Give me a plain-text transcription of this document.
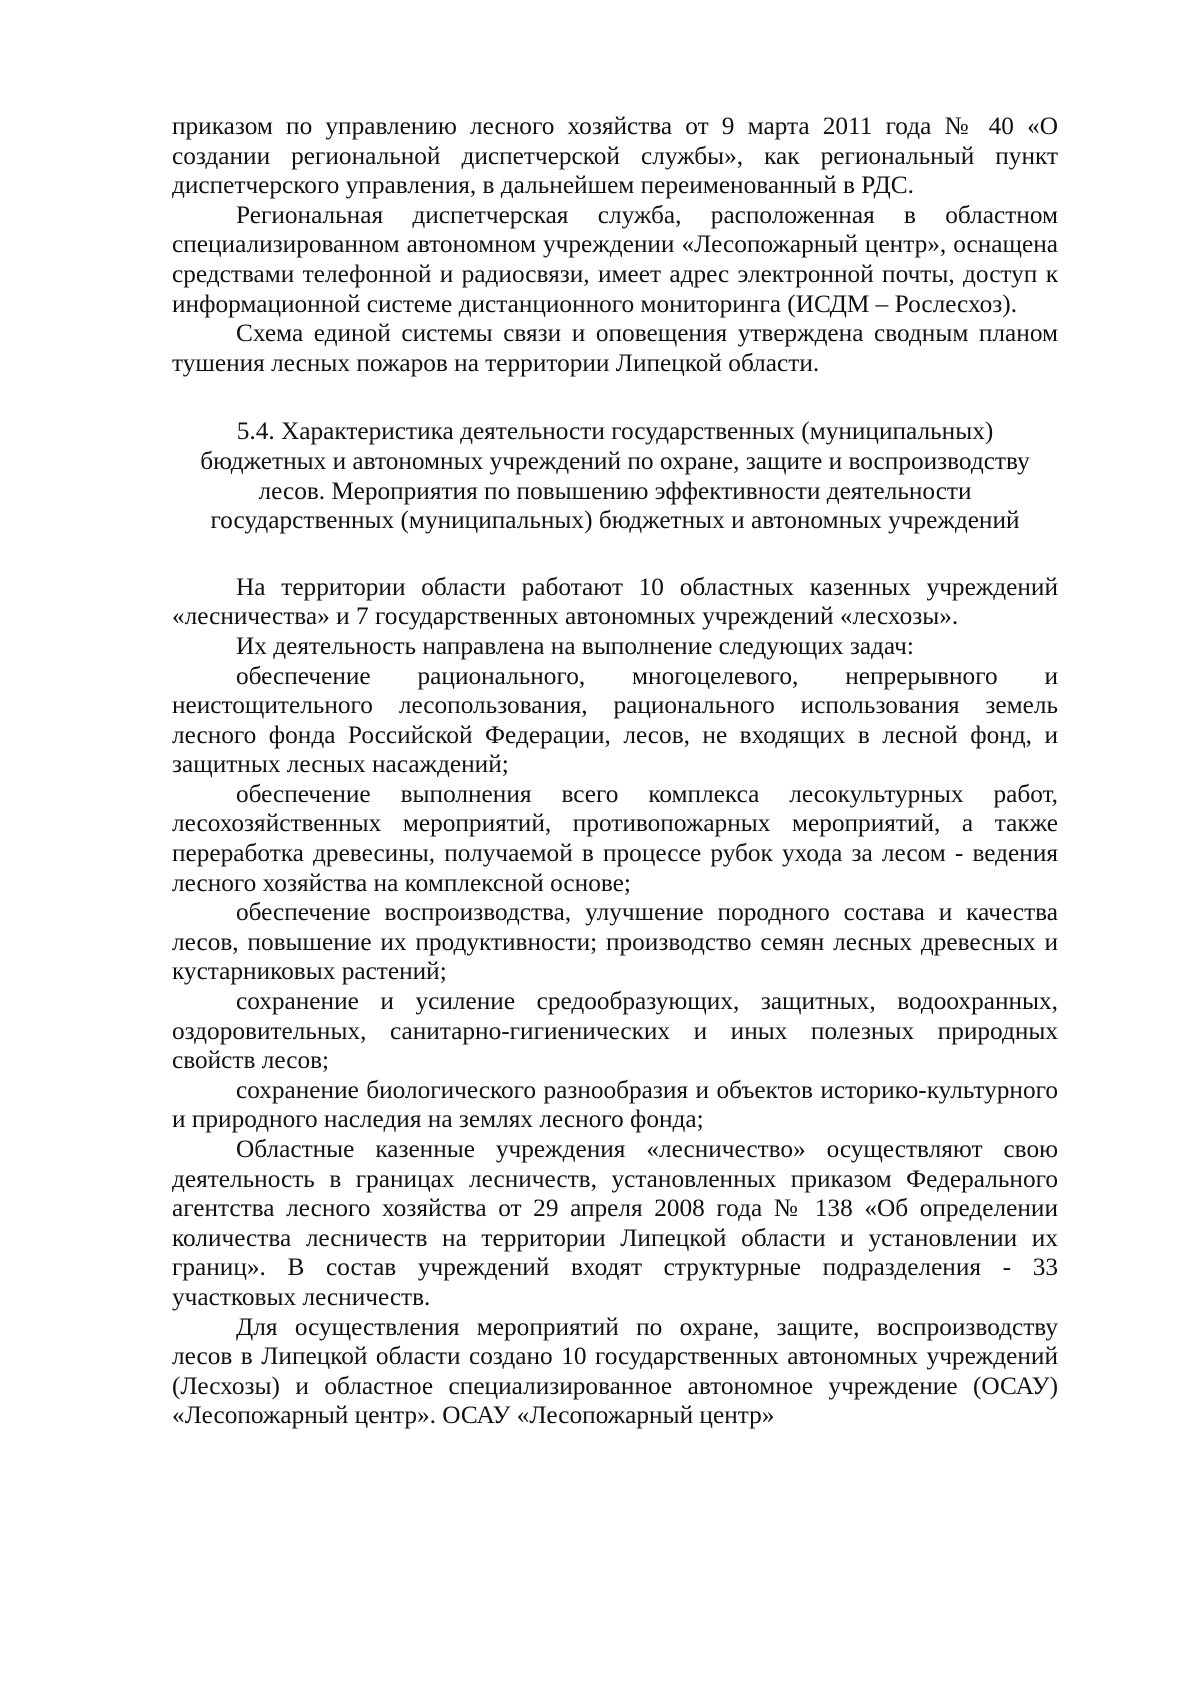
приказом по управлению лесного хозяйства от 9 марта 2011 года № 40 «О создании региональной диспетчерской службы», как региональный пункт диспетчерского управления, в дальнейшем переименованный в РДС.

Региональная диспетчерская служба, расположенная в областном специализированном автономном учреждении «Лесопожарный центр», оснащена средствами телефонной и радиосвязи, имеет адрес электронной почты, доступ к информационной системе дистанционного мониторинга (ИСДМ – Рослесхоз).

Схема единой системы связи и оповещения утверждена сводным планом тушения лесных пожаров на территории Липецкой области.

5.4. Характеристика деятельности государственных (муниципальных)
бюджетных и автономных учреждений по охране, защите и воспроизводству
лесов. Мероприятия по повышению эффективности деятельности
государственных (муниципальных) бюджетных и автономных учреждений

На территории области работают 10 областных казенных учреждений «лесничества» и 7 государственных автономных учреждений «лесхозы».

Их деятельность направлена на выполнение следующих задач:

обеспечение рационального, многоцелевого, непрерывного и неистощительного лесопользования, рационального использования земель лесного фонда Российской Федерации, лесов, не входящих в лесной фонд, и защитных лесных насаждений;

обеспечение выполнения всего комплекса лесокультурных работ, лесохозяйственных мероприятий, противопожарных мероприятий, а также переработка древесины, получаемой в процессе рубок ухода за лесом - ведения лесного хозяйства на комплексной основе;

обеспечение воспроизводства, улучшение породного состава и качества лесов, повышение их продуктивности; производство семян лесных древесных и кустарниковых растений;

сохранение и усиление средообразующих, защитных, водоохранных, оздоровительных, санитарно-гигиенических и иных полезных природных свойств лесов;

сохранение биологического разнообразия и объектов историко-культурного и природного наследия на землях лесного фонда;

Областные казенные учреждения «лесничество» осуществляют свою деятельность в границах лесничеств, установленных приказом Федерального агентства лесного хозяйства от 29 апреля 2008 года № 138 «Об определении количества лесничеств на территории Липецкой области и установлении их границ». В состав учреждений входят структурные подразделения - 33 участковых лесничеств.

Для осуществления мероприятий по охране, защите, воспроизводству лесов в Липецкой области создано 10 государственных автономных учреждений (Лесхозы) и областное специализированное автономное учреждение (ОСАУ) «Лесопожарный центр». ОСАУ «Лесопожарный центр»
